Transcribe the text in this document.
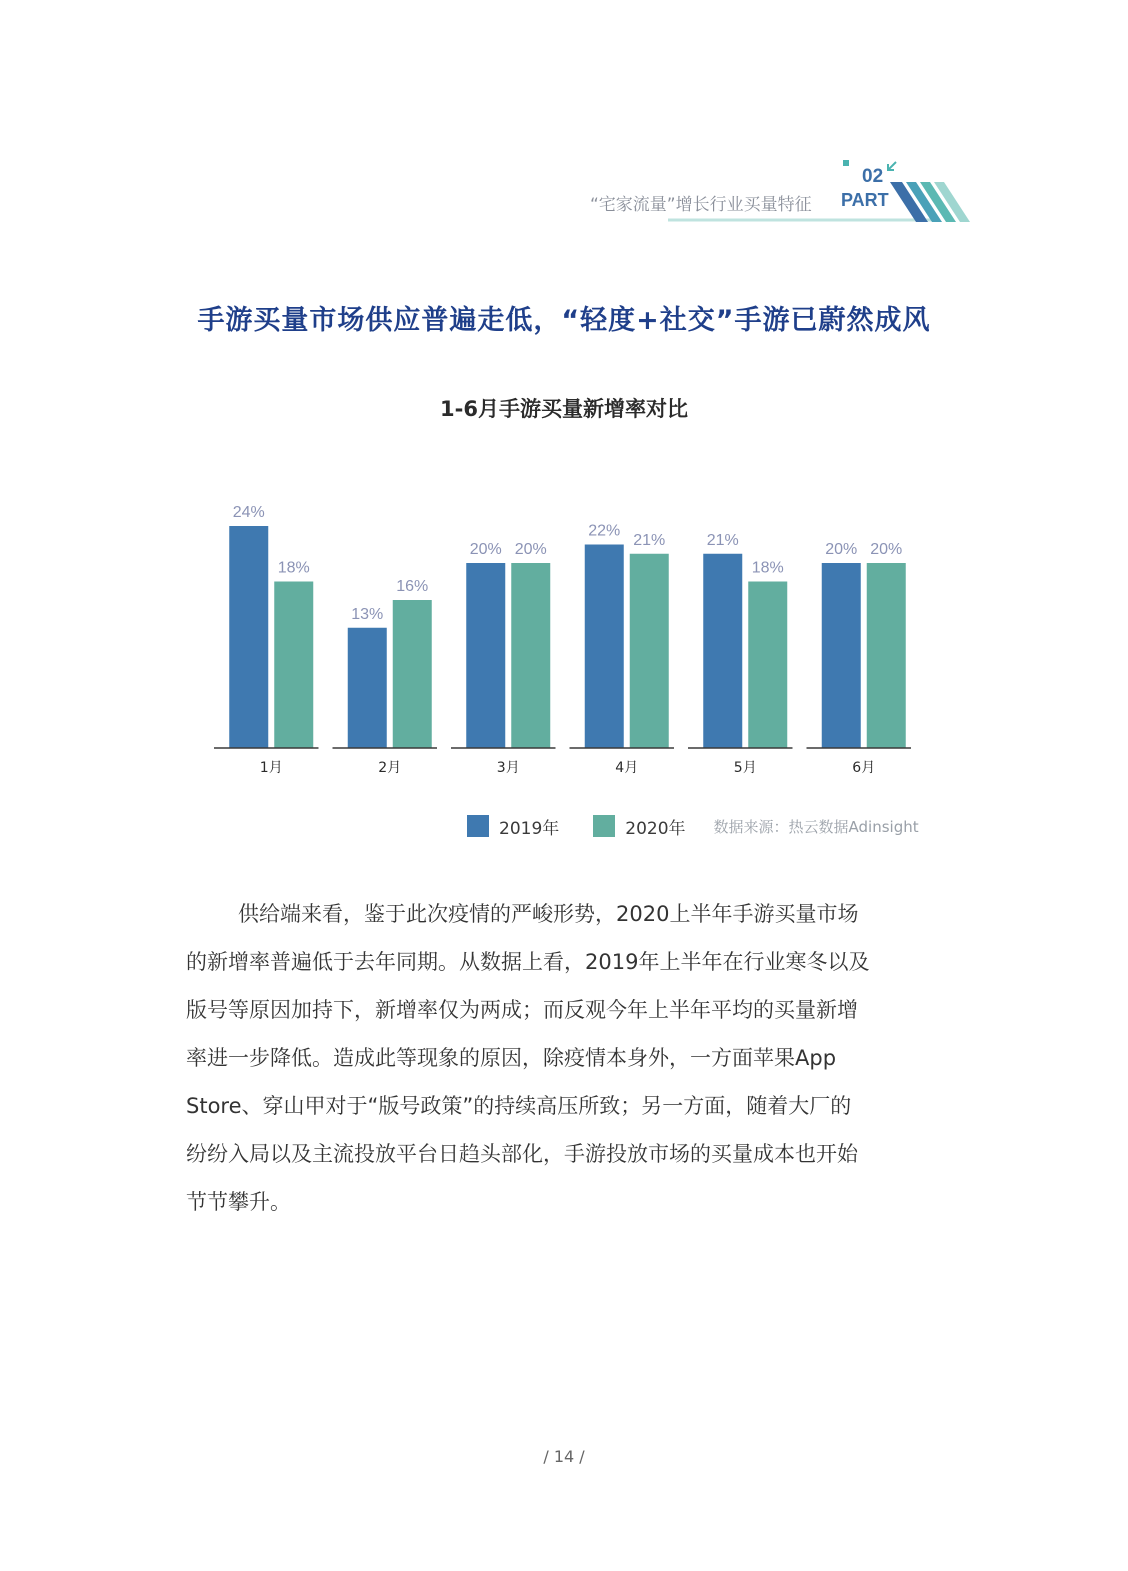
“宅家流量”增长行业买量特征
02
PART
手游买量市场供应普遍走低，“轻度+社交”手游已蔚然成风
1-6月手游买量新增率对比
24%
18%
1月
13%
16%
2月
20% 20%
3月
22%
21%
4月
21%
18%
5月
20% 20%
6月
2019年	2020年 数据来源：热云数据Adinsight
供给端来看，鉴于此次疫情的严峻形势，2020上半年手游买量市场
的新增率普遍低于去年同期。从数据上看，2019年上半年在行业寒冬以及
版号等原因加持下，新增率仅为两成；而反观今年上半年平均的买量新增
率进一步降低。造成此等现象的原因，除疫情本身外，一方面苹果App
Store、穿山甲对于“版号政策”的持续高压所致；另一方面，随着大厂的
纷纷入局以及主流投放平台日趋头部化，手游投放市场的买量成本也开始
节节攀升。
/ 14 /
